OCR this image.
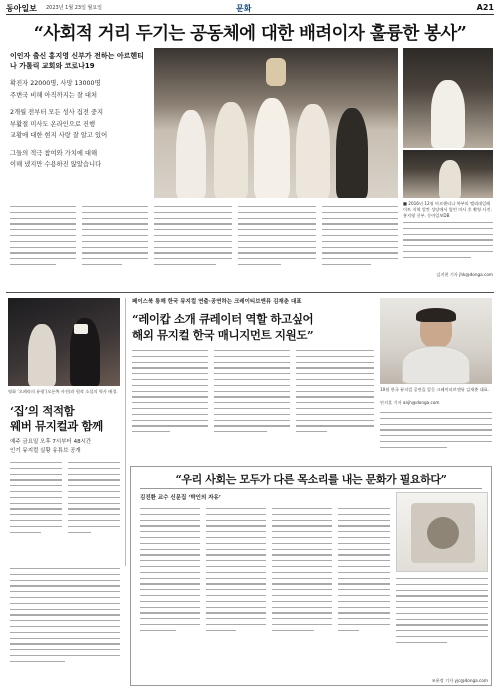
동아일보 2023년 1월 23일 월요일	문화	A21
“사회적 거리 두기는 공동체에 대한 배려이자 훌륭한 봉사”
이인자 출신 홍지영 신부가 전하는 아르헨티나 가톨릭 교회와 코로나19
확진자 22000명, 사망 13000명
주변국 비해 아직까지는 잘 대처
2개월 전부터 모든 성사 집전 중지
부활절 미사도 온라인으로 진행
교황에 대한 현지 사랑 잘 알고 있어
그들의 적극 참여와 가치에 대해
이해 냈지만 수용하진 않았습니다
■ 2016년 12월 아르헨티나 북부의 엘리데일레이트 지역 알칸 성당에서 열린 미사 후 촬영 사진. 홍지영 신부. 동아일보DB
김지현 기자 jhk@donga.com
영화 ‘오페라의 유령’(오른쪽 사진)과 원작 소설의 역사 배경.
‘집’의 적적함
웨버 뮤지컬과 함께
예주 금요일 오후 7시부터 48시간
인기 뮤지컬 실황 유튜브 공개
페이스북 통해 한국 뮤지컬 연출·공연하는 크레이티브앤뮤 김재춘 대표
“레이캅 소개 큐레이터 역할 하고싶어
해외 뮤지컬 한국 매니지먼트 지원도”
10월 한국 뮤지컬 공연을 앞둔 크레이티브앤뮤 김재춘 대표.
안지훈 기자 anjh@donga.com
“우리 사회는 모두가 다른 목소리를 내는 문화가 필요하다”
김진환 교수 신문집 ‘박인의 자유’
조윤정 기자 yjc@donga.com
